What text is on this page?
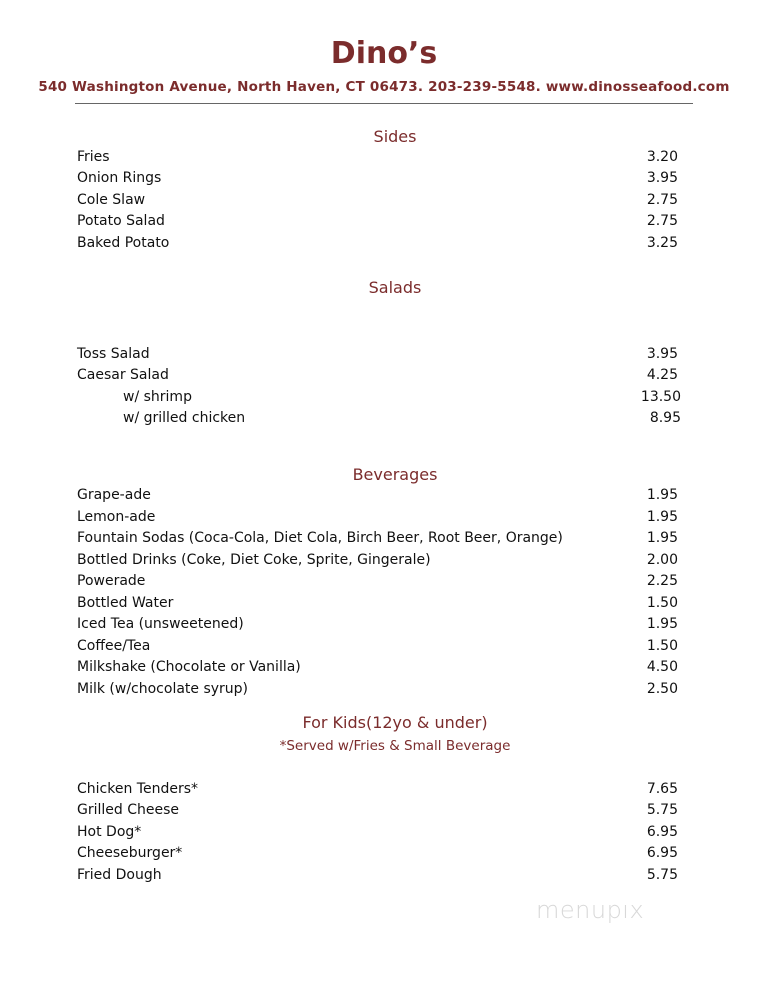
Dino’s
540 Washington Avenue, North Haven, CT 06473. 203-239-5548. www.dinosseafood.com
Sides
Fries	3.20
Onion Rings	3.95
Cole Slaw	2.75
Potato Salad	2.75
Baked Potato	3.25
Salads
Toss Salad	3.95
Caesar Salad	4.25
w/ shrimp	13.50
w/ grilled chicken	8.95
Beverages
Grape-ade	1.95
Lemon-ade	1.95
Fountain Sodas (Coca-Cola, Diet Cola, Birch Beer, Root Beer, Orange)	1.95
Bottled Drinks (Coke, Diet Coke, Sprite, Gingerale)	2.00
Powerade	2.25
Bottled Water	1.50
Iced Tea (unsweetened)	1.95
Coffee/Tea	1.50
Milkshake (Chocolate or Vanilla)	4.50
Milk (w/chocolate syrup)	2.50
For Kids(12yo & under)
*Served w/Fries & Small Beverage
Chicken Tenders*	7.65
Grilled Cheese	5.75
Hot Dog*	6.95
Cheeseburger*	6.95
Fried Dough	5.75
menupıx
